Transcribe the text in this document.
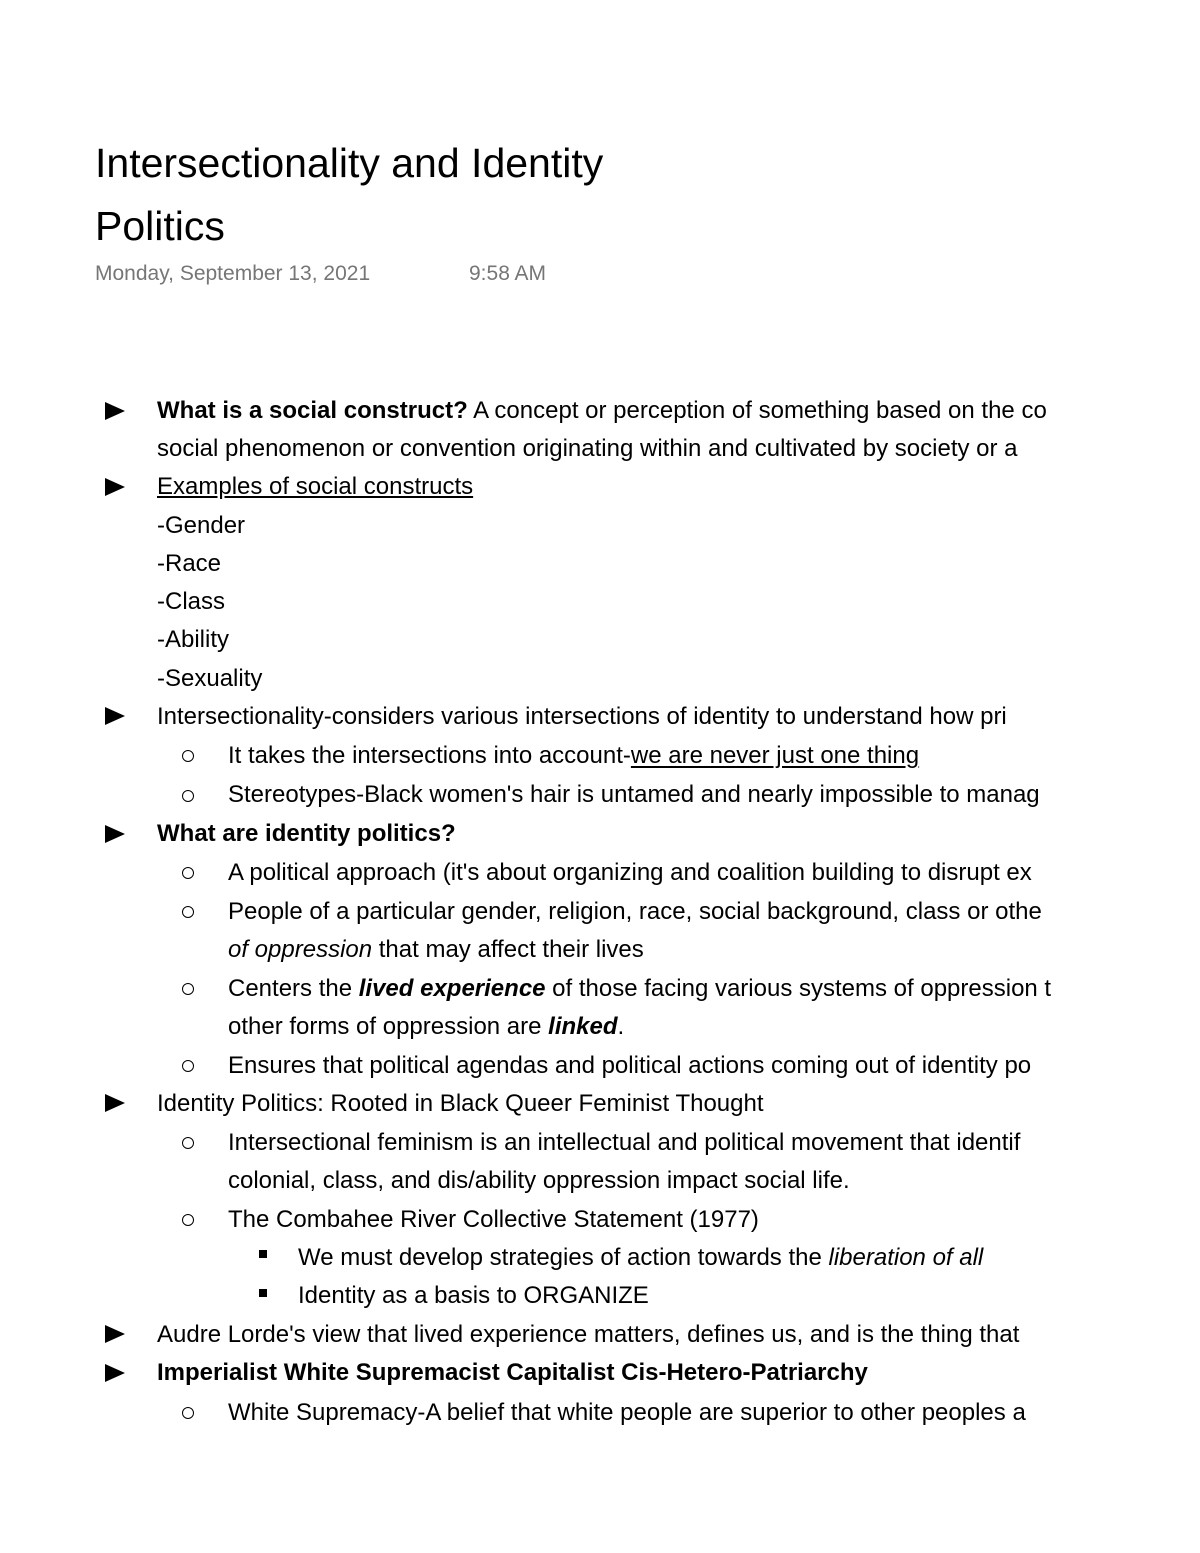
Intersectionality and Identity
Politics
Monday, September 13, 2021	9:58 AM
What is a social construct? A concept or perception of something based on the co
social phenomenon or convention originating within and cultivated by society or a
Examples of social constructs
-Gender
-Race
-Class
-Ability
-Sexuality
Intersectionality-considers various intersections of identity to understand how pri
It takes the intersections into account-we are never just one thing
Stereotypes-Black women's hair is untamed and nearly impossible to manag
What are identity politics?
A political approach (it's about organizing and coalition building to disrupt ex
People of a particular gender, religion, race, social background, class or othe
of oppression that may affect their lives
Centers the lived experience of those facing various systems of oppression t
other forms of oppression are linked.
Ensures that political agendas and political actions coming out of identity po
Identity Politics: Rooted in Black Queer Feminist Thought
Intersectional feminism is an intellectual and political movement that identif
colonial, class, and dis/ability oppression impact social life.
The Combahee River Collective Statement (1977)
We must develop strategies of action towards the liberation of all
Identity as a basis to ORGANIZE
Audre Lorde's view that lived experience matters, defines us, and is the thing that
Imperialist White Supremacist Capitalist Cis-Hetero-Patriarchy
White Supremacy-A belief that white people are superior to other peoples a
